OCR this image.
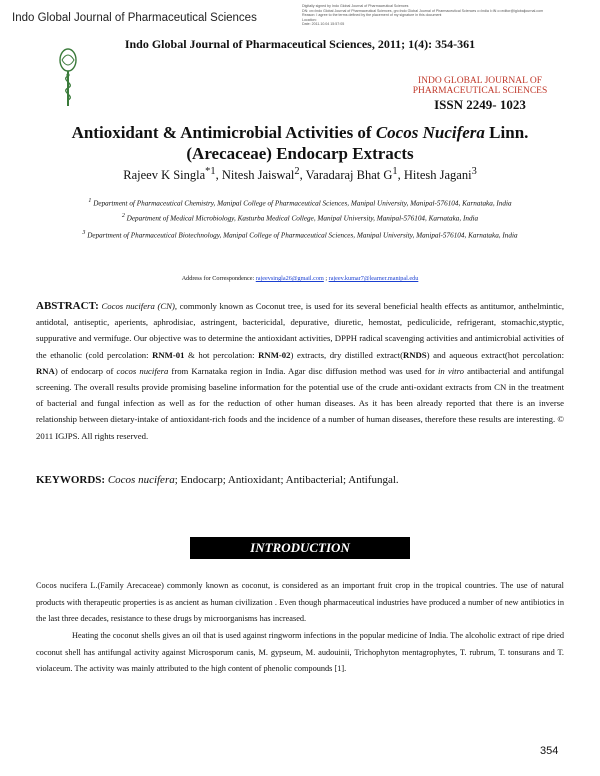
Indo Global Journal of Pharmaceutical Sciences
Digitally signed by Indo Global Journal of Pharmaceutical Sciences
DN: cn=Indo Global Journal of Pharmaceutical Sciences, gn=Indo Global Journal of Pharmaceutical Sciences c=India l=IN o=editor@iglobaljournal.com
Reason: I agree to the terms defined by the placement of my signature in this document
Location:
Date: 2011.10.04 15:57:05
Indo Global Journal of Pharmaceutical Sciences, 2011; 1(4): 354-361
INDO GLOBAL JOURNAL OF
PHARMACEUTICAL SCIENCES
ISSN 2249- 1023
Antioxidant & Antimicrobial Activities of Cocos Nucifera Linn.
(Arecaceae) Endocarp Extracts
Rajeev K Singla$^{*1}$, Nitesh Jaiswal$^2$, Varadaraj Bhat $G^1$, Hitesh Jagani$^3$
$^1$ Department of Pharmaceutical Chemistry, Manipal College of Pharmaceutical Sciences, Manipal University, Manipal-576104, Karnataka, India
$^2$ Department of Medical Microbiology, Kasturba Medical College, Manipal University, Manipal-576104, Karnataka, India
$^3$ Department of Pharmaceutical Biotechnology, Manipal College of Pharmaceutical Sciences, Manipal University, Manipal-576104, Karnataka, India
Address for Correspondence: rajeevsingla26@gmail.com ; rajeev.kumar7@learner.manipal.edu
ABSTRACT: Cocos nucifera (CN), commonly known as Coconut tree, is used for its several beneficial health effects as antitumor, anthelmintic, antidotal, antiseptic, aperients, aphrodisiac, astringent, bactericidal, depurative, diuretic, hemostat, pediculicide, refrigerant, stomachic,styptic, suppurative and vermifuge. Our objective was to determine the antioxidant activities, DPPH radical scavenging activities and antimicrobial activities of the ethanolic (cold percolation: RNM-01 & hot percolation: RNM-02) extracts, dry distilled extract(RNDS) and aqueous extract(hot percolation: RNA) of endocarp of cocos nucifera from Karnataka region in India. Agar disc diffusion method was used for in vitro antibacterial and antifungal screening. The overall results provide promising baseline information for the potential use of the crude anti-oxidant extracts from CN in the treatment of bacterial and fungal infection as well as for the reduction of other human diseases. As it has been already reported that there is an inverse relationship between dietary-intake of antioxidant-rich foods and the incidence of a number of human diseases, therefore these results are interesting. © 2011 IGJPS. All rights reserved.
KEYWORDS: Cocos nucifera; Endocarp; Antioxidant; Antibacterial; Antifungal.
INTRODUCTION
Cocos nucifera L.(Family Arecaceae) commonly known as coconut, is considered as an important fruit crop in the tropical countries. The use of natural products with therapeutic properties is as ancient as human civilization . Even though pharmaceutical industries have produced a number of new antibiotics in the last three decades, resistance to these drugs by microorganisms has increased.
Heating the coconut shells gives an oil that is used against ringworm infections in the popular medicine of India. The alcoholic extract of ripe dried coconut shell has antifungal activity against Microsporum canis, M. gypseum, M. audouinii, Trichophyton mentagrophytes, T. rubrum, T. tonsurans and T. violaceum. The activity was mainly attributed to the high content of phenolic compounds [1].
354
